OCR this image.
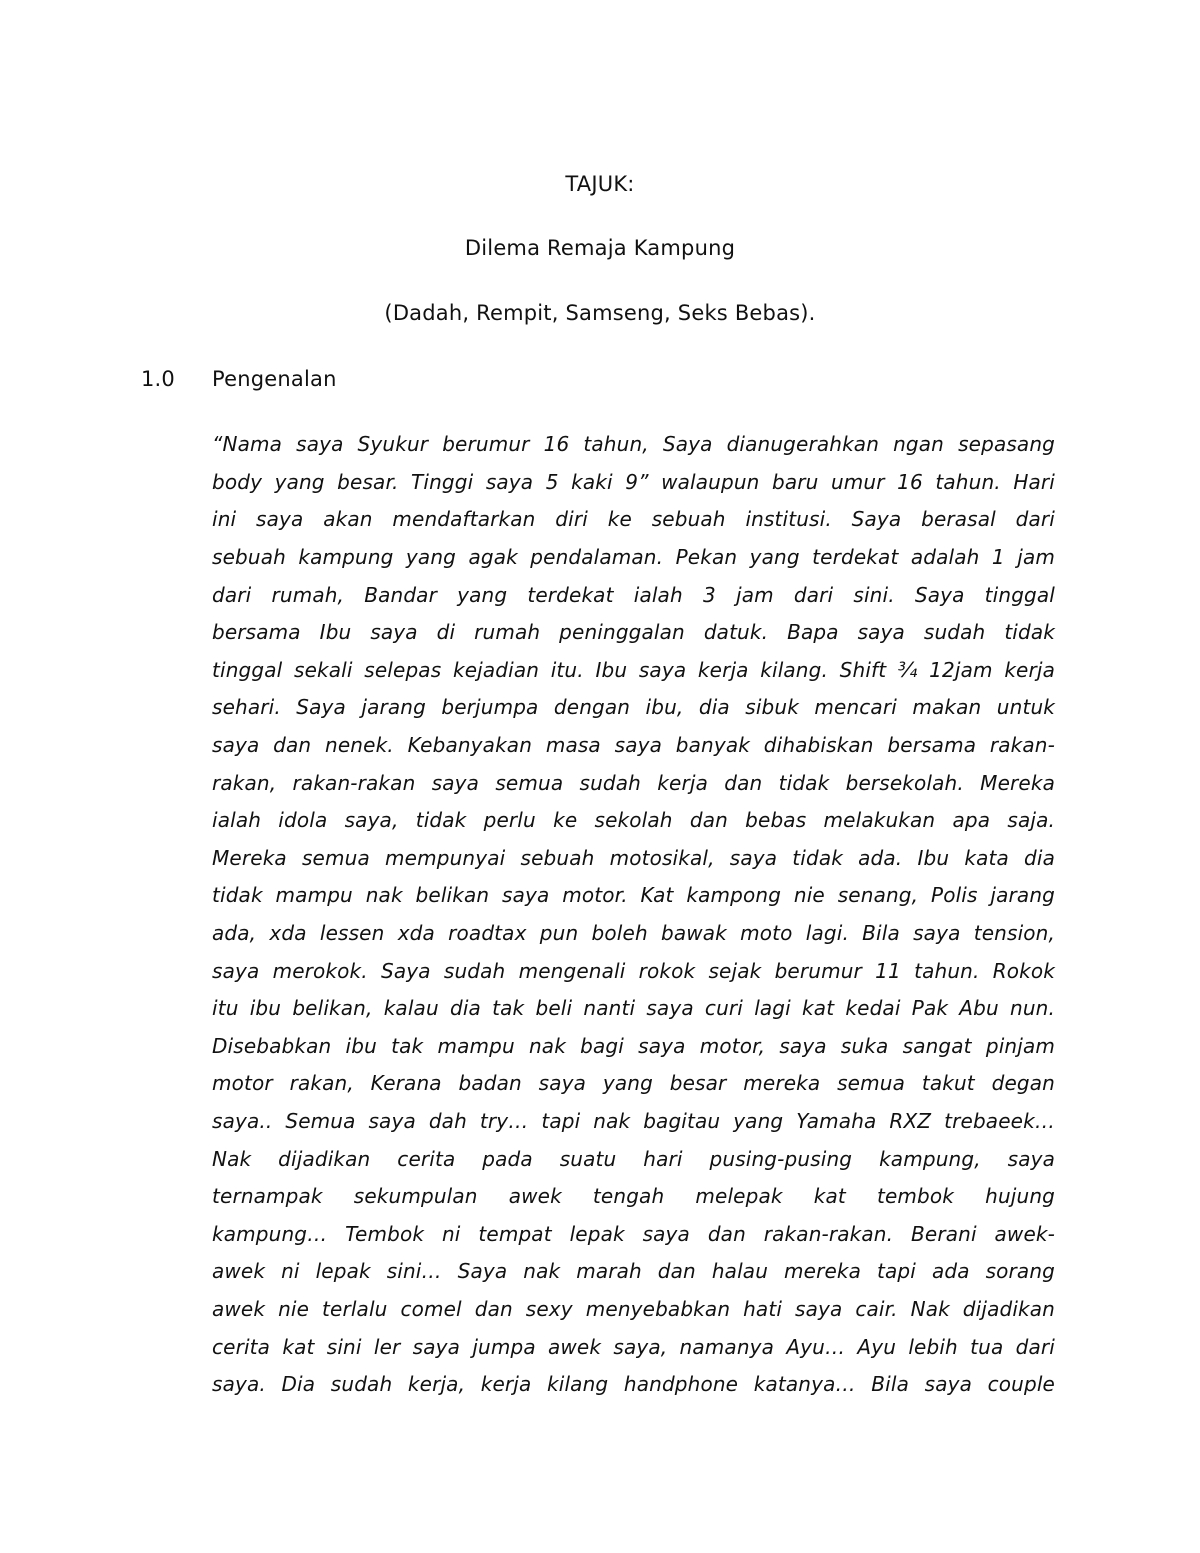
TAJUK:
Dilema Remaja Kampung
(Dadah, Rempit, Samseng, Seks Bebas).
1.0 Pengenalan
“Nama saya Syukur berumur 16 tahun, Saya dianugerahkan ngan sepasang
body yang besar. Tinggi saya 5 kaki 9” walaupun baru umur 16 tahun. Hari
ini saya akan mendaftarkan diri ke sebuah institusi. Saya berasal dari
sebuah kampung yang agak pendalaman. Pekan yang terdekat adalah 1 jam
dari rumah, Bandar yang terdekat ialah 3 jam dari sini. Saya tinggal
bersama Ibu saya di rumah peninggalan datuk. Bapa saya sudah tidak
tinggal sekali selepas kejadian itu. Ibu saya kerja kilang. Shift ¾ 12jam kerja
sehari. Saya jarang berjumpa dengan ibu, dia sibuk mencari makan untuk
saya dan nenek. Kebanyakan masa saya banyak dihabiskan bersama rakan-
rakan, rakan-rakan saya semua sudah kerja dan tidak bersekolah. Mereka
ialah idola saya, tidak perlu ke sekolah dan bebas melakukan apa saja.
Mereka semua mempunyai sebuah motosikal, saya tidak ada. Ibu kata dia
tidak mampu nak belikan saya motor. Kat kampong nie senang, Polis jarang
ada, xda lessen xda roadtax pun boleh bawak moto lagi. Bila saya tension,
saya merokok. Saya sudah mengenali rokok sejak berumur 11 tahun. Rokok
itu ibu belikan, kalau dia tak beli nanti saya curi lagi kat kedai Pak Abu nun.
Disebabkan ibu tak mampu nak bagi saya motor, saya suka sangat pinjam
motor rakan, Kerana badan saya yang besar mereka semua takut degan
saya.. Semua saya dah try… tapi nak bagitau yang Yamaha RXZ trebaeek…
Nak dijadikan cerita pada suatu hari pusing-pusing kampung, saya
ternampak sekumpulan awek tengah melepak kat tembok hujung
kampung… Tembok ni tempat lepak saya dan rakan-rakan. Berani awek-
awek ni lepak sini… Saya nak marah dan halau mereka tapi ada sorang
awek nie terlalu comel dan sexy menyebabkan hati saya cair. Nak dijadikan
cerita kat sini ler saya jumpa awek saya, namanya Ayu… Ayu lebih tua dari
saya. Dia sudah kerja, kerja kilang handphone katanya… Bila saya couple
